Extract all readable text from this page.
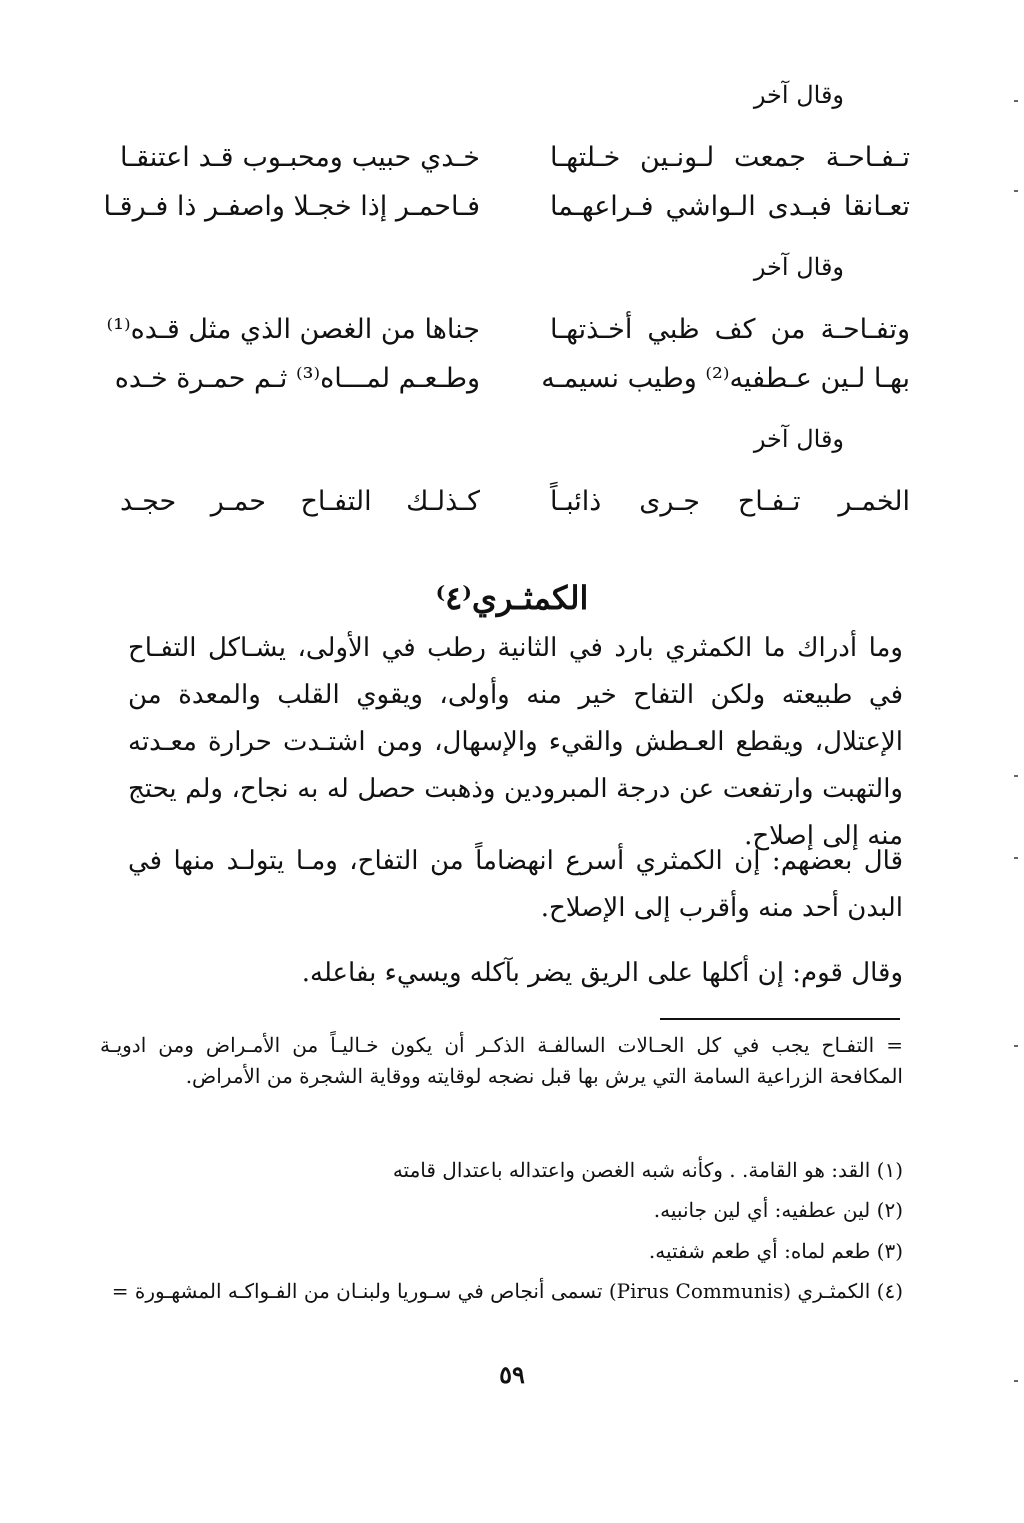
وقال آخر
تـفـاحـة جمعت لـونـين خـلتهـا
خـدي حبيب ومحبـوب قـد اعتنقـا
تعـانقا فبـدى الـواشي فـراعهـما
فـاحمـر إذا خجـلا واصفـر ذا فـرقـا
وقال آخر
وتفـاحـة من كف ظبي أخـذتهـا
جناها من الغصن الذي مثل قـده⁽¹⁾
بهـا لـين عـطفيه⁽²⁾ وطيب نسيمـه
وطـعـم لمـــاه⁽³⁾ ثـم حمـرة خـده
وقال آخر
الخمـر تـفـاح جـرى ذائبـاً
كـذلـك التفـاح حمـر حجـد
الكمثـري⁽٤⁾

وما أدراك ما الكمثري بارد في الثانية رطب في الأولى، يشـاكل التفـاح في طبيعته ولكن التفاح خير منه وأولى، ويقوي القلب والمعدة من الإعتلال، ويقطع العـطش والقيء والإسهال، ومن اشتـدت حرارة معـدته والتهبت وارتفعت عن درجة المبرودين وذهبت حصل له به نجاح، ولم يحتج منه إلى إصلاح.

قال بعضهم: إن الكمثري أسرع انهضاماً من التفاح، ومـا يتولـد منها في البدن أحد منه وأقرب إلى الإصلاح.

وقال قوم: إن أكلها على الريق يضر بآكله ويسيء بفاعله.

= التفـاح يجب في كل الحـالات السالفـة الذكـر أن يكون خـاليـاً من الأمـراض ومن ادويـة المكافحة الزراعية السامة التي يرش بها قبل نضجه لوقايته ووقاية الشجرة من الأمراض.

(١) القد: هو القامة. . وكأنه شبه الغصن واعتداله باعتدال قامته
(٢) لين عطفيه: أي لين جانبيه.
(٣) طعم لماه: أي طعم شفتيه.
(٤) الكمثـري (Pirus Communis) تسمى أنجاص في سـوريا ولبنـان من الفـواكـه المشهـورة =
٥٩
